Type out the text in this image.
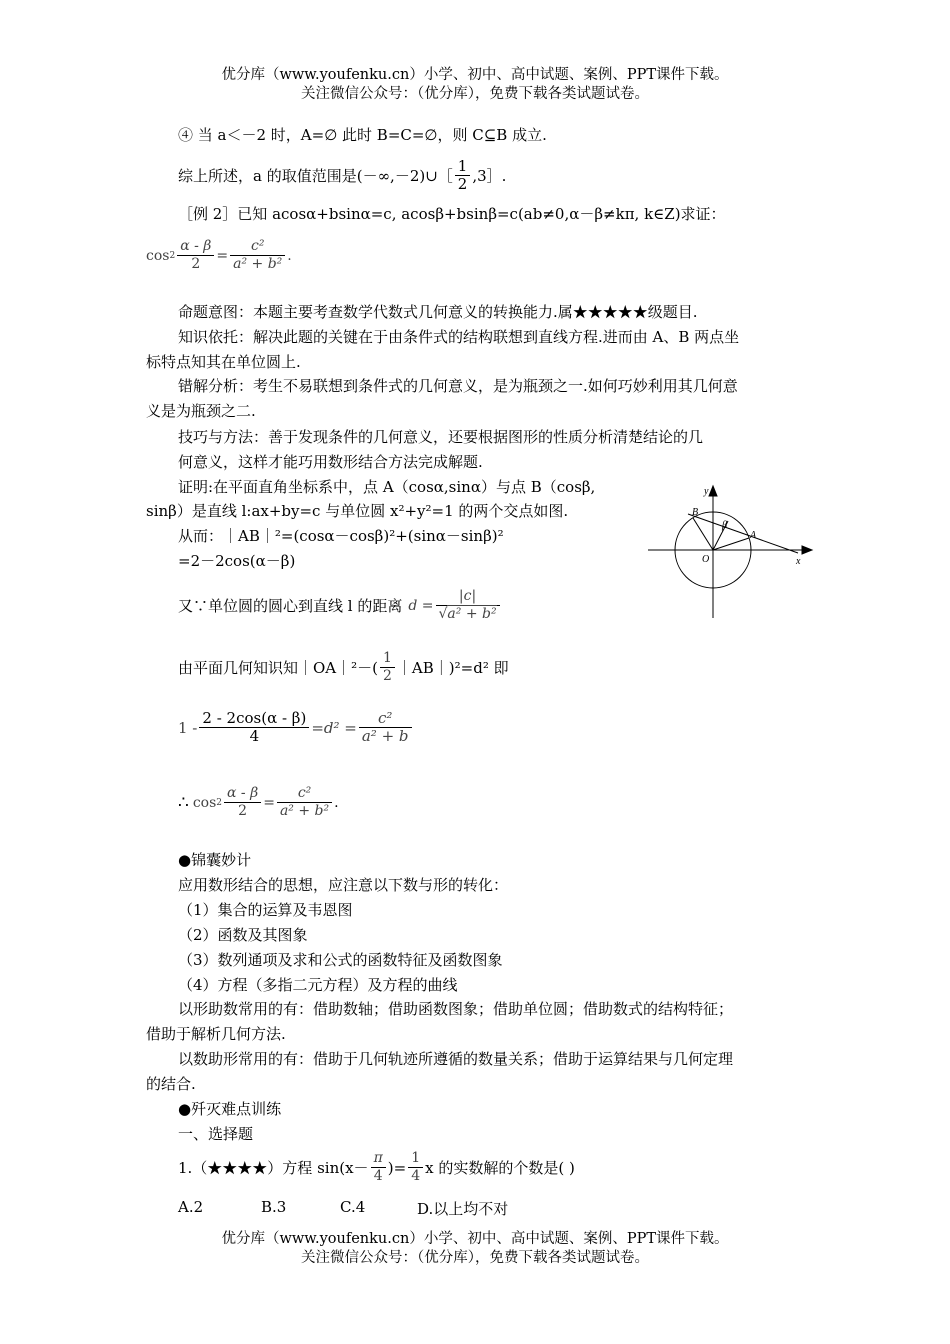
优分库（www.youfenku.cn）小学、初中、高中试题、案例、PPT课件下载。
关注微信公众号：（优分库），免费下载各类试题试卷。
④ 当 a＜－2 时，A=∅ 此时 B=C=∅，则 C⊆B 成立.
综上所述，a 的取值范围是(－∞,－2)∪［ $\frac{1}{2}$ ,3］.
［例 2］已知 acosα+bsinα=c, acosβ+bsinβ=c(ab≠0,α－β≠kπ, k∈Z)求证：
$\cos 2 \frac{\alpha - \beta}{2} = \frac{\text{c²}}{\text{a² + b²}}$ .
命题意图：本题主要考查数学代数式几何意义的转换能力.属★★★★★级题目.
知识依托：解决此题的关键在于由条件式的结构联想到直线方程.进而由 A、B 两点坐
标特点知其在单位圆上.
错解分析：考生不易联想到条件式的几何意义，是为瓶颈之一.如何巧妙利用其几何意
义是为瓶颈之二.
技巧与方法：善于发现条件的几何意义，还要根据图形的性质分析清楚结论的几
何意义，这样才能巧用数形结合方法完成解题.
证明:在平面直角坐标系中，点 A（cosα,sinα）与点 B（cosβ,
sinβ）是直线 l:ax+by=c 与单位圆 x²+y²=1 的两个交点如图.
从而：｜AB｜²=(cosα－cosβ)²+(sinα－sinβ)²
=2－2cos(α－β)
又∵单位圆的圆心到直线 l 的距离 $d = \frac{|c|}{\text{√a² + b²}}$
由平面几何知识知｜OA｜²－( $\frac{1}{2}$ ｜AB｜)²=d² 即
$1 - \frac{2 - 2\cos(\alpha - \beta)}{4} =d^2 = \frac{\text{c²}}{\text{a² + b}}$
∴ $\cos 2 \frac{\alpha - \beta}{2} = \frac{\text{c²}}{\text{a² + b²}}$ .
●锦囊妙计
应用数形结合的思想，应注意以下数与形的转化：
（1）集合的运算及韦恩图
（2）函数及其图象
（3）数列通项及求和公式的函数特征及函数图象
（4）方程（多指二元方程）及方程的曲线
以形助数常用的有：借助数轴；借助函数图象；借助单位圆；借助数式的结构特征；
借助于解析几何方法.
以数助形常用的有：借助于几何轨迹所遵循的数量关系；借助于运算结果与几何定理
的结合.
●歼灭难点训练
一、选择题
1.（★★★★）方程 $\sin(x- \frac{\pi}{4}$ )= $\frac{1}{4}$ x 的实数解的个数是( )
A.2	B.3	C.4	D.以上均不对
优分库（www.youfenku.cn）小学、初中、高中试题、案例、PPT课件下载。
关注微信公众号：（优分库），免费下载各类试题试卷。
y
x
O
A
B
β
